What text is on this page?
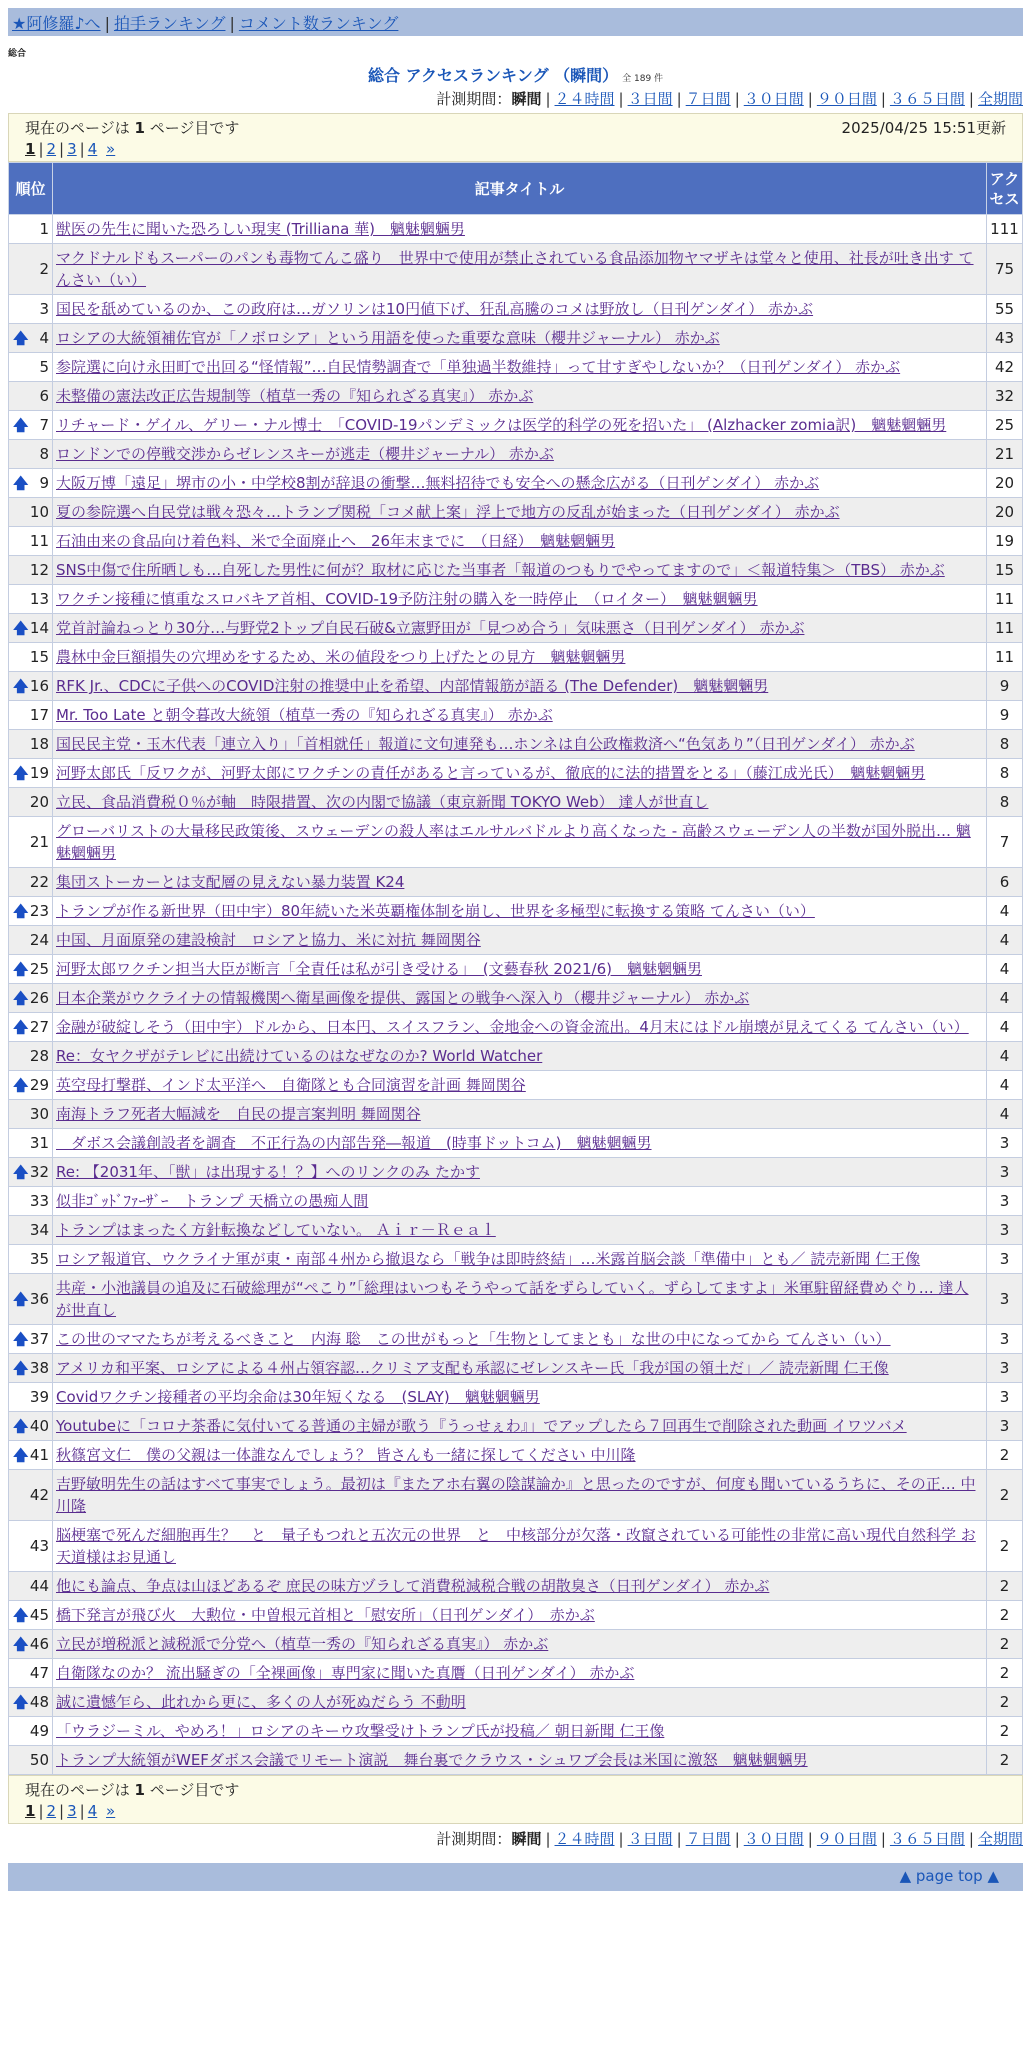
★阿修羅♪へ | 拍手ランキング | コメント数ランキング
総合
総合 アクセスランキング （瞬間） 全 189 件
計測期間：瞬間 | ２４時間 | ３日間 | ７日間 | ３０日間 | ９０日間 | ３６５日間 | 全期間
現在のページは 1 ページ目です	2025/04/25 15:51更新
1 | 2 | 3 | 4 »
順位	記事タイトル	アクセス
1	獣医の先生に聞いた恐ろしい現実 (Trilliana 華)　魑魅魍魎男	111
2	マクドナルドもスーパーのパンも毒物てんこ盛り　世界中で使用が禁止されている食品添加物ヤマザキは堂々と使用、社長が吐き出す てんさい（い）	75
3	国民を舐めているのか、この政府は…ガソリンは10円値下げ、狂乱高騰のコメは野放し（日刊ゲンダイ） 赤かぶ	55

🡅 4	ロシアの大統領補佐官が「ノボロシア」という用語を使った重要な意味（櫻井ジャーナル） 赤かぶ	43
5	参院選に向け永田町で出回る“怪情報”…自民情勢調査で「単独過半数維持」って甘すぎやしないか？（日刊ゲンダイ） 赤かぶ	42
6	未整備の憲法改正広告規制等（植草一秀の『知られざる真実』） 赤かぶ	32

🡅 7	リチャード・ゲイル、ゲリー・ナル博士　「COVID-19パンデミックは医学的科学の死を招いた」 (Alzhacker zomia訳)　魑魅魍魎男	25
8	ロンドンでの停戦交渉からゼレンスキーが逃走（櫻井ジャーナル） 赤かぶ	21

🡅 9	大阪万博「遠足」堺市の小・中学校8割が辞退の衝撃…無料招待でも安全への懸念広がる（日刊ゲンダイ） 赤かぶ	20
10	夏の参院選へ自民党は戦々恐々…トランプ関税「コメ献上案」浮上で地方の反乱が始まった（日刊ゲンダイ） 赤かぶ	20
11	石油由来の食品向け着色料、米で全面廃止へ　26年末までに　（日経）　魑魅魍魎男	19
12	SNS中傷で住所晒しも…自死した男性に何が？取材に応じた当事者「報道のつもりでやってますので」＜報道特集＞（TBS） 赤かぶ	15
13	ワクチン接種に慎重なスロバキア首相、COVID-19予防注射の購入を一時停止　（ロイター）　魑魅魍魎男	11

🡅 14	党首討論ねっとり30分…与野党2トップ自民石破&立憲野田が「見つめ合う」気味悪さ（日刊ゲンダイ） 赤かぶ	11
15	農林中金巨額損失の穴埋めをするため、米の値段をつり上げたとの見方　魑魅魍魎男	11

🡅 16	RFK Jr.、CDCに子供へのCOVID注射の推奨中止を希望、内部情報筋が語る (The Defender)　魑魅魍魎男	9
17	Mr. Too Late と朝令暮改大統領（植草一秀の『知られざる真実』） 赤かぶ	9
18	国民民主党・玉木代表「連立入り」「首相就任」報道に文句連発も…ホンネは自公政権救済へ“色気あり”（日刊ゲンダイ） 赤かぶ	8

🡅 19	河野太郎氏「反ワクが、河野太郎にワクチンの責任があると言っているが、徹底的に法的措置をとる」（藤江成光氏）　魑魅魍魎男	8
20	立民、食品消費税０％が軸　時限措置、次の内閣で協議（東京新聞 TOKYO Web） 達人が世直し	8
21	グローバリストの大量移民政策後、スウェーデンの殺人率はエルサルバドルより高くなった - 高齢スウェーデン人の半数が国外脱出… 魑魅魍魎男	7
22	集団ストーカーとは支配層の見えない暴力装置 K24	6

🡅 23	トランプが作る新世界（田中宇）80年続いた米英覇権体制を崩し、世界を多極型に転換する策略 てんさい（い）	4
24	中国、月面原発の建設検討　ロシアと協力、米に対抗 舞岡関谷	4

🡅 25	河野太郎ワクチン担当大臣が断言「全責任は私が引き受ける」　(文藝春秋 2021/6)　魑魅魍魎男	4

🡅 26	日本企業がウクライナの情報機関へ衛星画像を提供、露国との戦争へ深入り（櫻井ジャーナル） 赤かぶ	4

🡅 27	金融が破綻しそう（田中宇）ドルから、日本円、スイスフラン、金地金への資金流出。4月末にはドル崩壊が見えてくる てんさい（い）	4
28	Re：女ヤクザがテレビに出続けているのはなぜなのか? World Watcher	4

🡅 29	英空母打撃群、インド太平洋へ　自衛隊とも合同演習を計画 舞岡関谷	4
30	南海トラフ死者大幅減を　自民の提言案判明 舞岡関谷	4
31	　ダボス会議創設者を調査　不正行為の内部告発―報道　(時事ドットコム)　魑魅魍魎男	3

🡅 32	Re: 【2031年、「獣」は出現する！？】へのリンクのみ たかす	3
33	似非ｺﾞｯﾄﾞﾌｧｰｻﾞｰ　トランプ 天橋立の愚痴人間	3
34	トランプはまったく方針転換などしていない。 Ａｉｒ－Ｒｅａｌ	3
35	ロシア報道官、ウクライナ軍が東・南部４州から撤退なら「戦争は即時終結」…米露首脳会談「準備中」とも／ 読売新聞 仁王像	3

🡅 36	共産・小池議員の追及に石破総理が“ぺこり”「総理はいつもそうやって話をずらしていく。ずらしてますよ」米軍駐留経費めぐり… 達人が世直し	3

🡅 37	この世のママたちが考えるべきこと　内海 聡　この世がもっと「生物としてまとも」な世の中になってから てんさい（い）	3

🡅 38	アメリカ和平案、ロシアによる４州占領容認…クリミア支配も承認にゼレンスキー氏「我が国の領土だ」／ 読売新聞 仁王像	3
39	Covidワクチン接種者の平均余命は30年短くなる　(SLAY)　魑魅魍魎男	3

🡅 40	Youtubeに「コロナ茶番に気付いてる普通の主婦が歌う『うっせぇわ』」でアップしたら７回再生で削除された動画 イワツバメ	3

🡅 41	秋篠宮文仁　僕の父親は一体誰なんでしょう？ 皆さんも一緒に探してください 中川隆	2
42	吉野敏明先生の話はすべて事実でしょう。最初は『またアホ右翼の陰謀論か』と思ったのですが、何度も聞いているうちに、その正… 中川隆	2
43	脳梗塞で死んだ細胞再生？　と　量子もつれと五次元の世界　と　中核部分が欠落・改竄されている可能性の非常に高い現代自然科学 お天道様はお見通し	2
44	他にも論点、争点は山ほどあるぞ 庶民の味方ヅラして消費税減税合戦の胡散臭さ（日刊ゲンダイ） 赤かぶ	2

🡅 45	橋下発言が飛び火　大勲位・中曽根元首相と「慰安所」（日刊ゲンダイ）　赤かぶ	2

🡅 46	立民が増税派と減税派で分党へ（植草一秀の『知られざる真実』） 赤かぶ	2
47	自衛隊なのか？ 流出騒ぎの「全裸画像」専門家に聞いた真贋（日刊ゲンダイ） 赤かぶ	2

🡅 48	誠に遺憾乍ら、此れから更に、多くの人が死ぬだらう 不動明	2
49	「ウラジーミル、やめろ！」ロシアのキーウ攻撃受けトランプ氏が投稿／ 朝日新聞 仁王像	2
50	トランプ大統領がWEFダボス会議でリモート演説　舞台裏でクラウス・シュワブ会長は米国に激怒　魑魅魍魎男	2
現在のページは 1 ページ目です
1 | 2 | 3 | 4 »
計測期間：瞬間 | ２４時間 | ３日間 | ７日間 | ３０日間 | ９０日間 | ３６５日間 | 全期間
▲ page top ▲
